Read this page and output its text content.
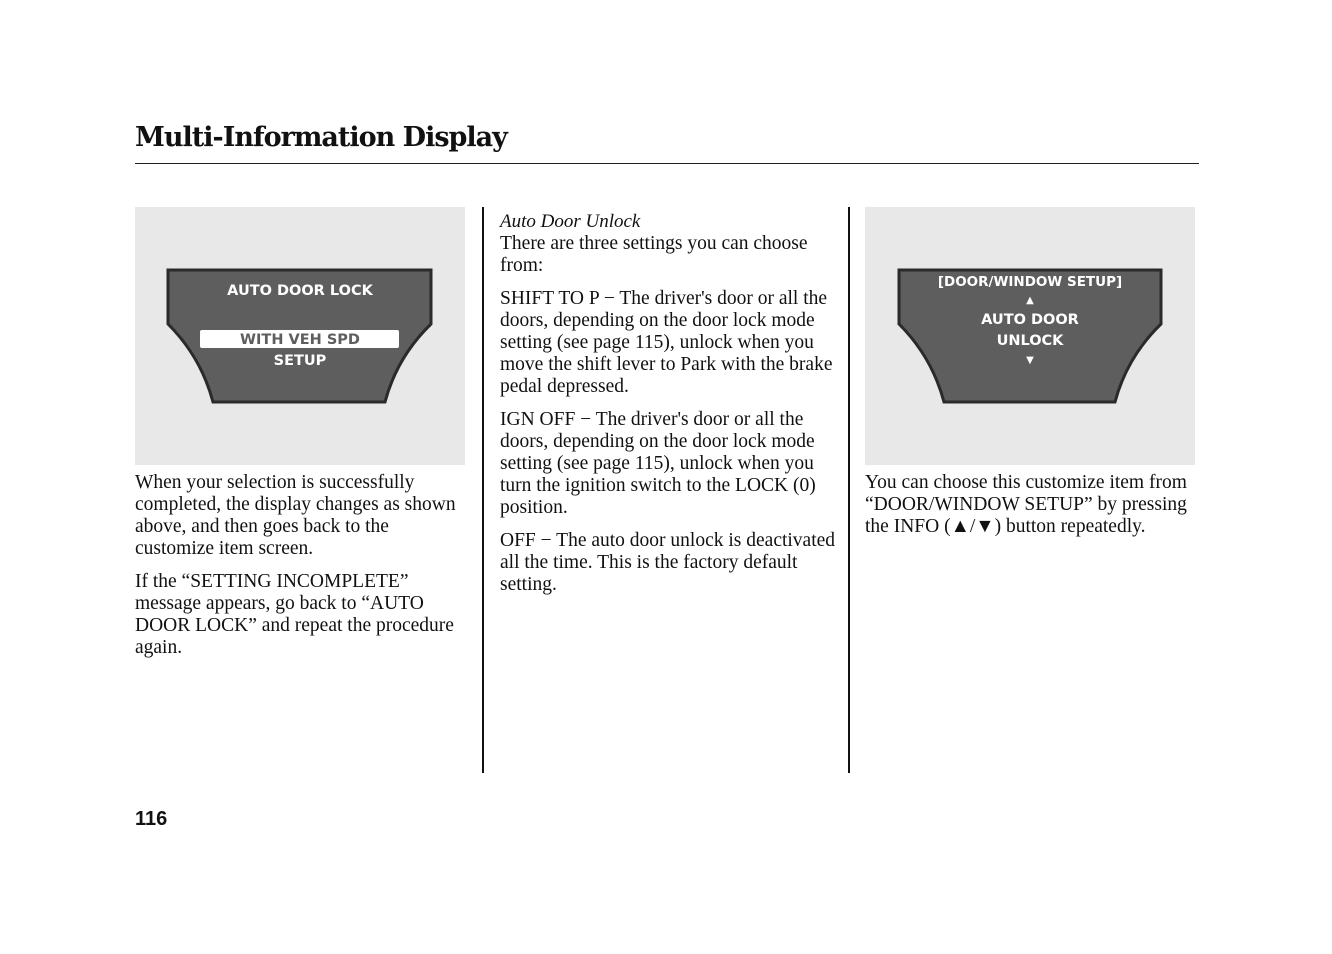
Multi-Information Display
AUTO DOOR LOCK
WITH VEH SPD
SETUP

When your selection is successfully completed, the display changes as shown above, and then goes back to the customize item screen.

If the “SETTING INCOMPLETE” message appears, go back to “AUTO DOOR LOCK” and repeat the procedure again.

Auto Door Unlock

There are three settings you can choose from:

SHIFT TO P − The driver's door or all the doors, depending on the door lock mode setting (see page 115), unlock when you move the shift lever to Park with the brake pedal depressed.

IGN OFF − The driver's door or all the doors, depending on the door lock mode setting (see page 115), unlock when you turn the ignition switch to the LOCK (0) position.

OFF − The auto door unlock is deactivated all the time. This is the factory default setting.

[DOOR/WINDOW SETUP]
▲
AUTO DOOR
UNLOCK
▼

You can choose this customize item from “DOOR/WINDOW SETUP” by pressing the INFO (▲/▼) button repeatedly.

116
